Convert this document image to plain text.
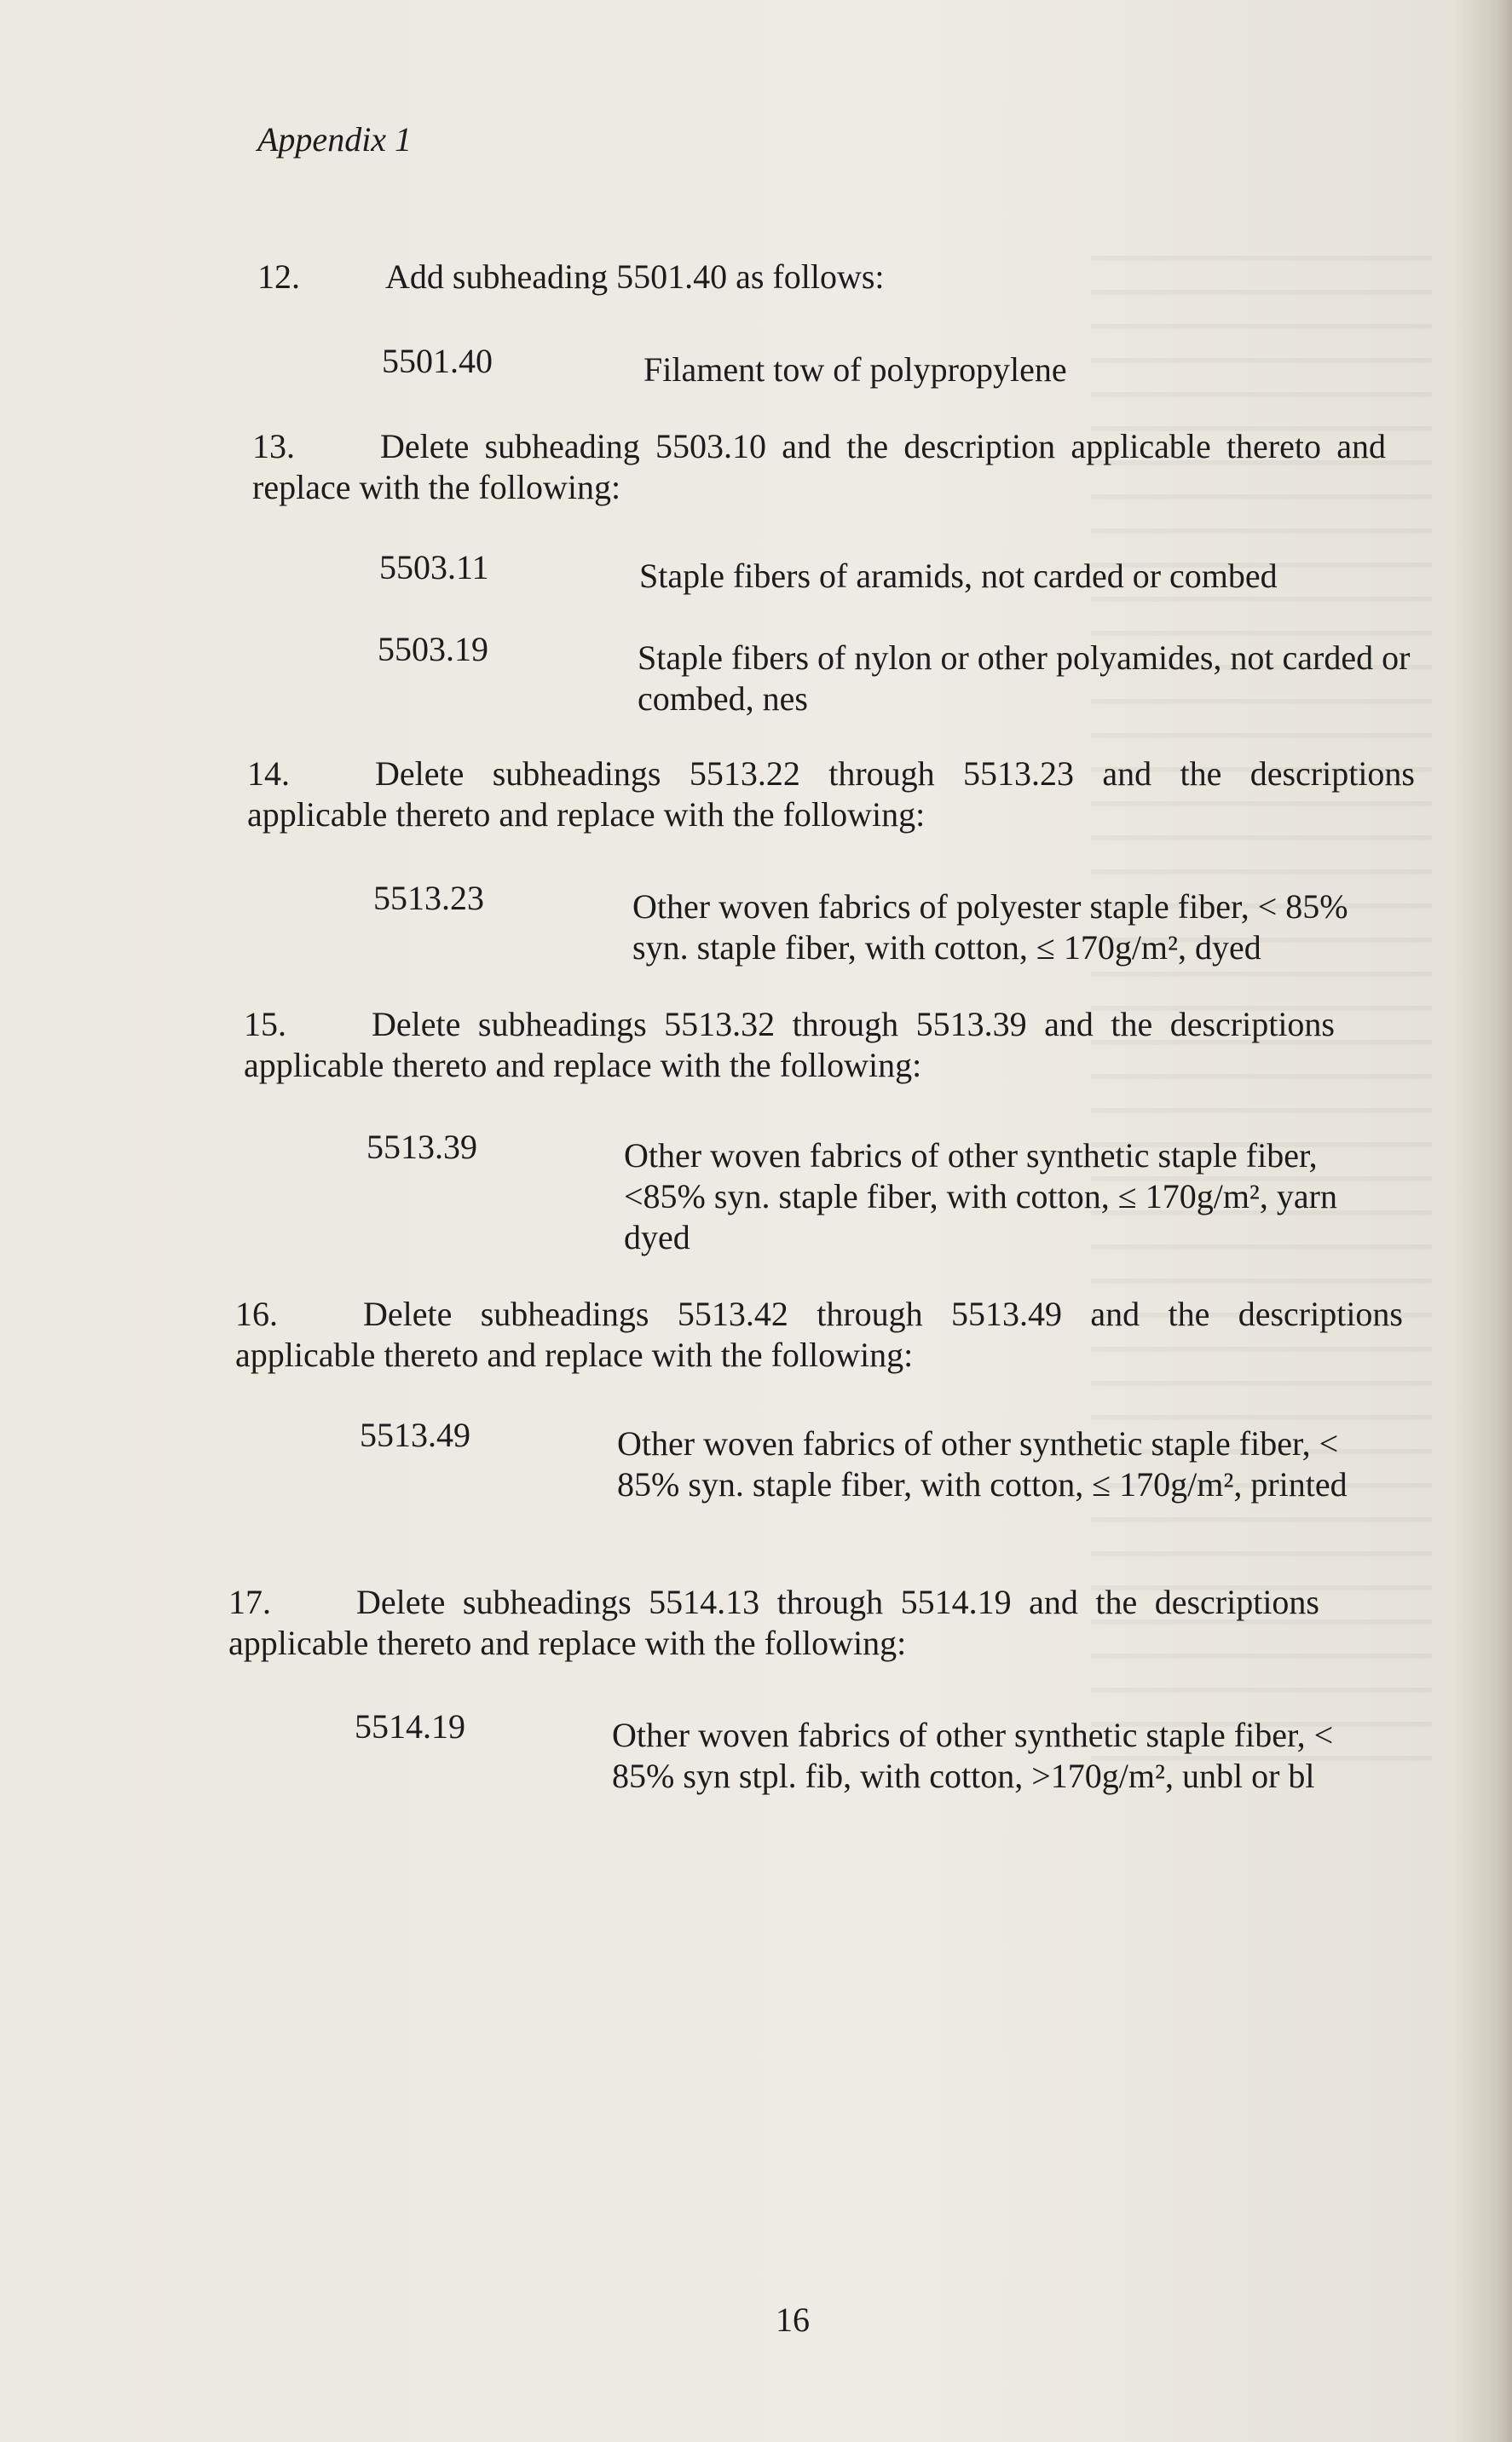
Appendix 1
12.	Add subheading 5501.40 as follows:
5501.40	Filament tow of polypropylene
13.	Delete subheading 5503.10 and the description applicable thereto and replace with the following:
5503.11	Staple fibers of aramids, not carded or combed
5503.19	Staple fibers of nylon or other polyamides, not carded or combed, nes
14.	Delete subheadings 5513.22 through 5513.23 and the descriptions applicable thereto and replace with the following:
5513.23	Other woven fabrics of polyester staple fiber, < 85% syn. staple fiber, with cotton, ≤ 170g/m², dyed
15.	Delete subheadings 5513.32 through 5513.39 and the descriptions applicable thereto and replace with the following:
5513.39	Other woven fabrics of other synthetic staple fiber, <85% syn. staple fiber, with cotton, ≤ 170g/m², yarn dyed
16.	Delete subheadings 5513.42 through 5513.49 and the descriptions applicable thereto and replace with the following:
5513.49	Other woven fabrics of other synthetic staple fiber, < 85% syn. staple fiber, with cotton, ≤ 170g/m², printed
17.	Delete subheadings 5514.13 through 5514.19 and the descriptions applicable thereto and replace with the following:
5514.19	Other woven fabrics of other synthetic staple fiber, < 85% syn stpl. fib, with cotton, >170g/m², unbl or bl
16
